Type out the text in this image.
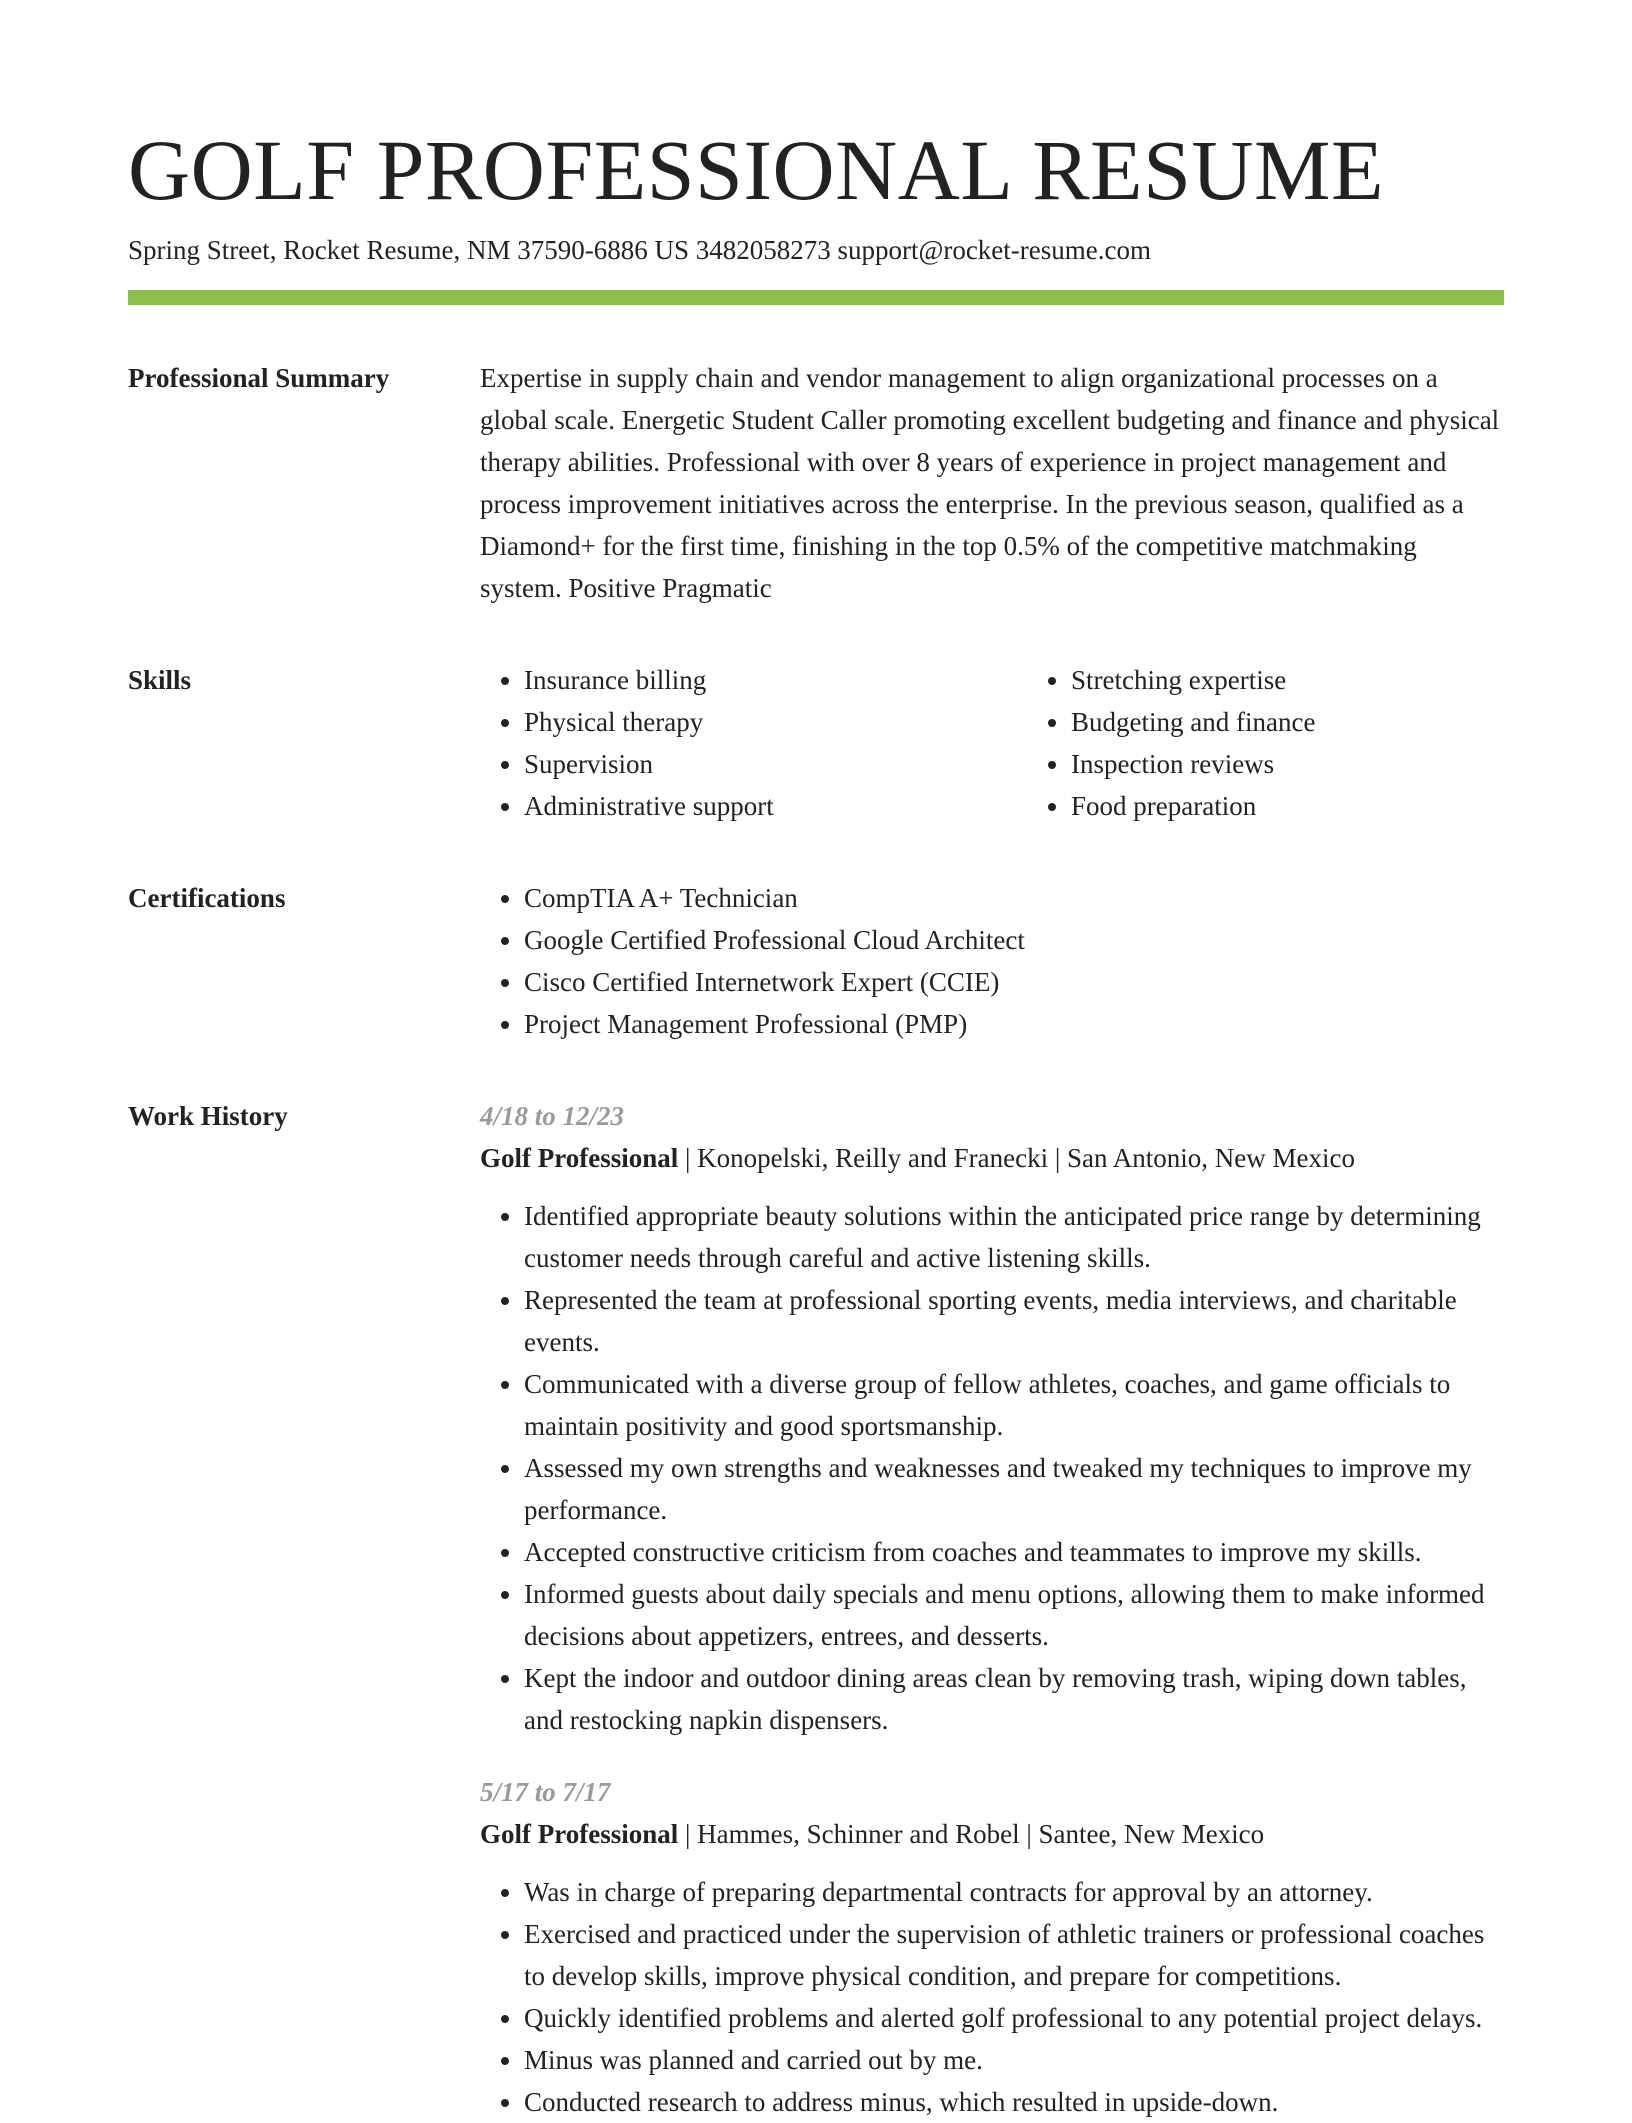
GOLF PROFESSIONAL RESUME
Spring Street, Rocket Resume, NM 37590-6886 US 3482058273 support@rocket-resume.com
Professional Summary	Expertise in supply chain and vendor management to align organizational processes on a global scale. Energetic Student Caller promoting excellent budgeting and finance and physical therapy abilities. Professional with over 8 years of experience in project management and process improvement initiatives across the enterprise. In the previous season, qualified as a Diamond+ for the first time, finishing in the top 0.5% of the competitive matchmaking system. Positive Pragmatic
Skills	• Insurance billing
• Physical therapy
• Supervision
• Administrative support
• Stretching expertise
• Budgeting and finance
• Inspection reviews
• Food preparation
Certifications	• CompTIA A+ Technician
• Google Certified Professional Cloud Architect
• Cisco Certified Internetwork Expert (CCIE)
• Project Management Professional (PMP)
Work History	4/18 to 12/23
Golf Professional | Konopelski, Reilly and Franecki | San Antonio, New Mexico
• Identified appropriate beauty solutions within the anticipated price range by determining customer needs through careful and active listening skills.
• Represented the team at professional sporting events, media interviews, and charitable events.
• Communicated with a diverse group of fellow athletes, coaches, and game officials to maintain positivity and good sportsmanship.
• Assessed my own strengths and weaknesses and tweaked my techniques to improve my performance.
• Accepted constructive criticism from coaches and teammates to improve my skills.
• Informed guests about daily specials and menu options, allowing them to make informed decisions about appetizers, entrees, and desserts.
• Kept the indoor and outdoor dining areas clean by removing trash, wiping down tables, and restocking napkin dispensers.
5/17 to 7/17
Golf Professional | Hammes, Schinner and Robel | Santee, New Mexico
• Was in charge of preparing departmental contracts for approval by an attorney.
• Exercised and practiced under the supervision of athletic trainers or professional coaches to develop skills, improve physical condition, and prepare for competitions.
• Quickly identified problems and alerted golf professional to any potential project delays.
• Minus was planned and carried out by me.
• Conducted research to address minus, which resulted in upside-down.
